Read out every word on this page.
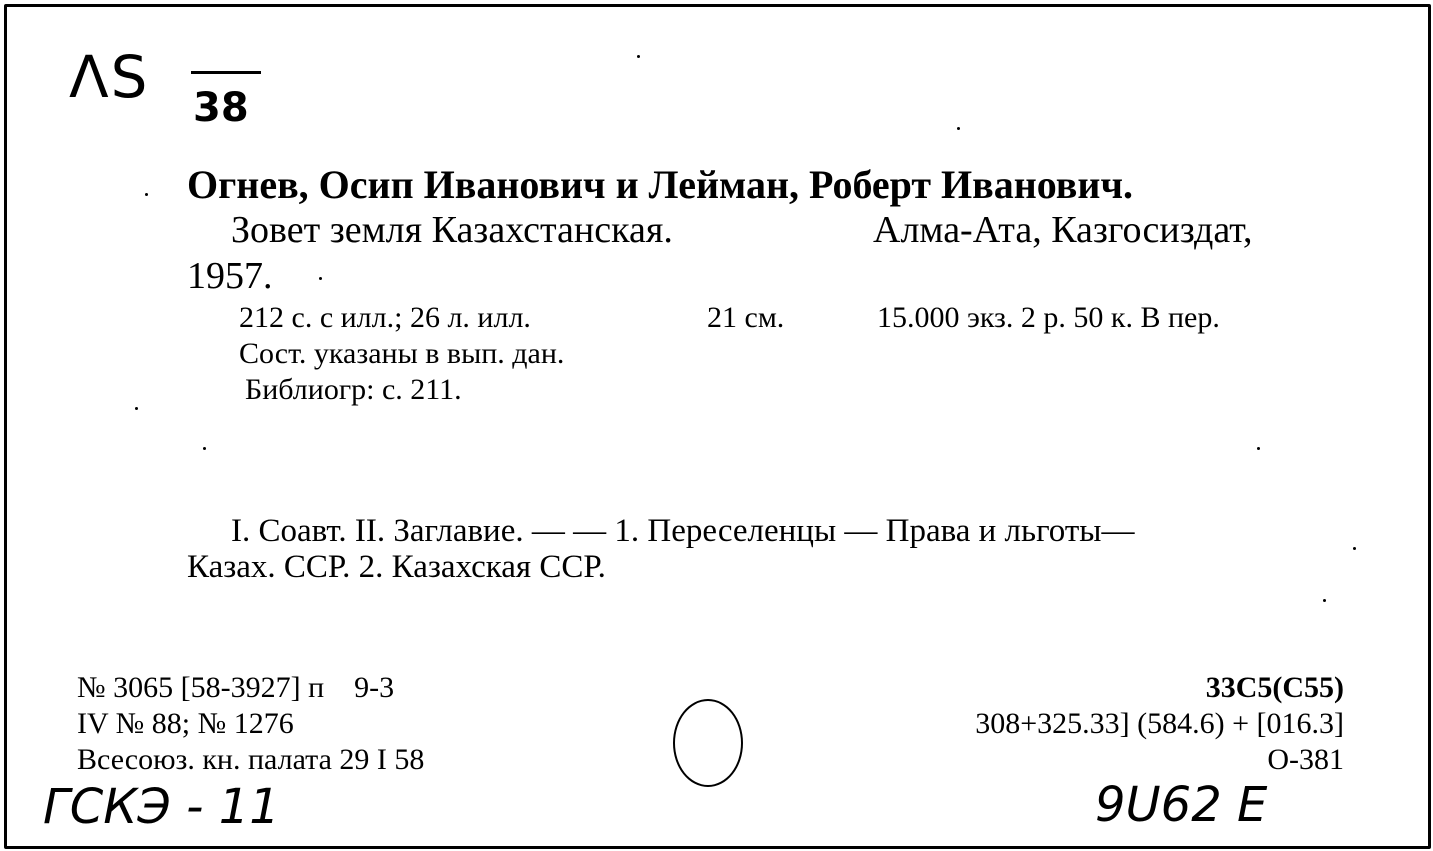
ΛS 38
Огнев, Осип Иванович и Лейман, Роберт Иванович.
Зовет земля Казахстанская.	Алма-Ата, Казгосиздат,
1957.
212 с. с илл.; 26 л. илл.	21 см.	15.000 экз. 2 р. 50 к. В пер.
Сост. указаны в вып. дан.
Библиогр: с. 211.
I. Соавт. II. Заглавие. — — 1. Переселенцы — Права и льготы—
Казах. ССР. 2. Казахская ССР.
№ 3065 [58-3927] п    9-3
IV № 88; № 1276
Всесоюз. кн. палата 29 I 58
33С5(С55)
308+325.33] (584.6) + [016.3]
О-381
ГСКЭ - 11	9U62 E
